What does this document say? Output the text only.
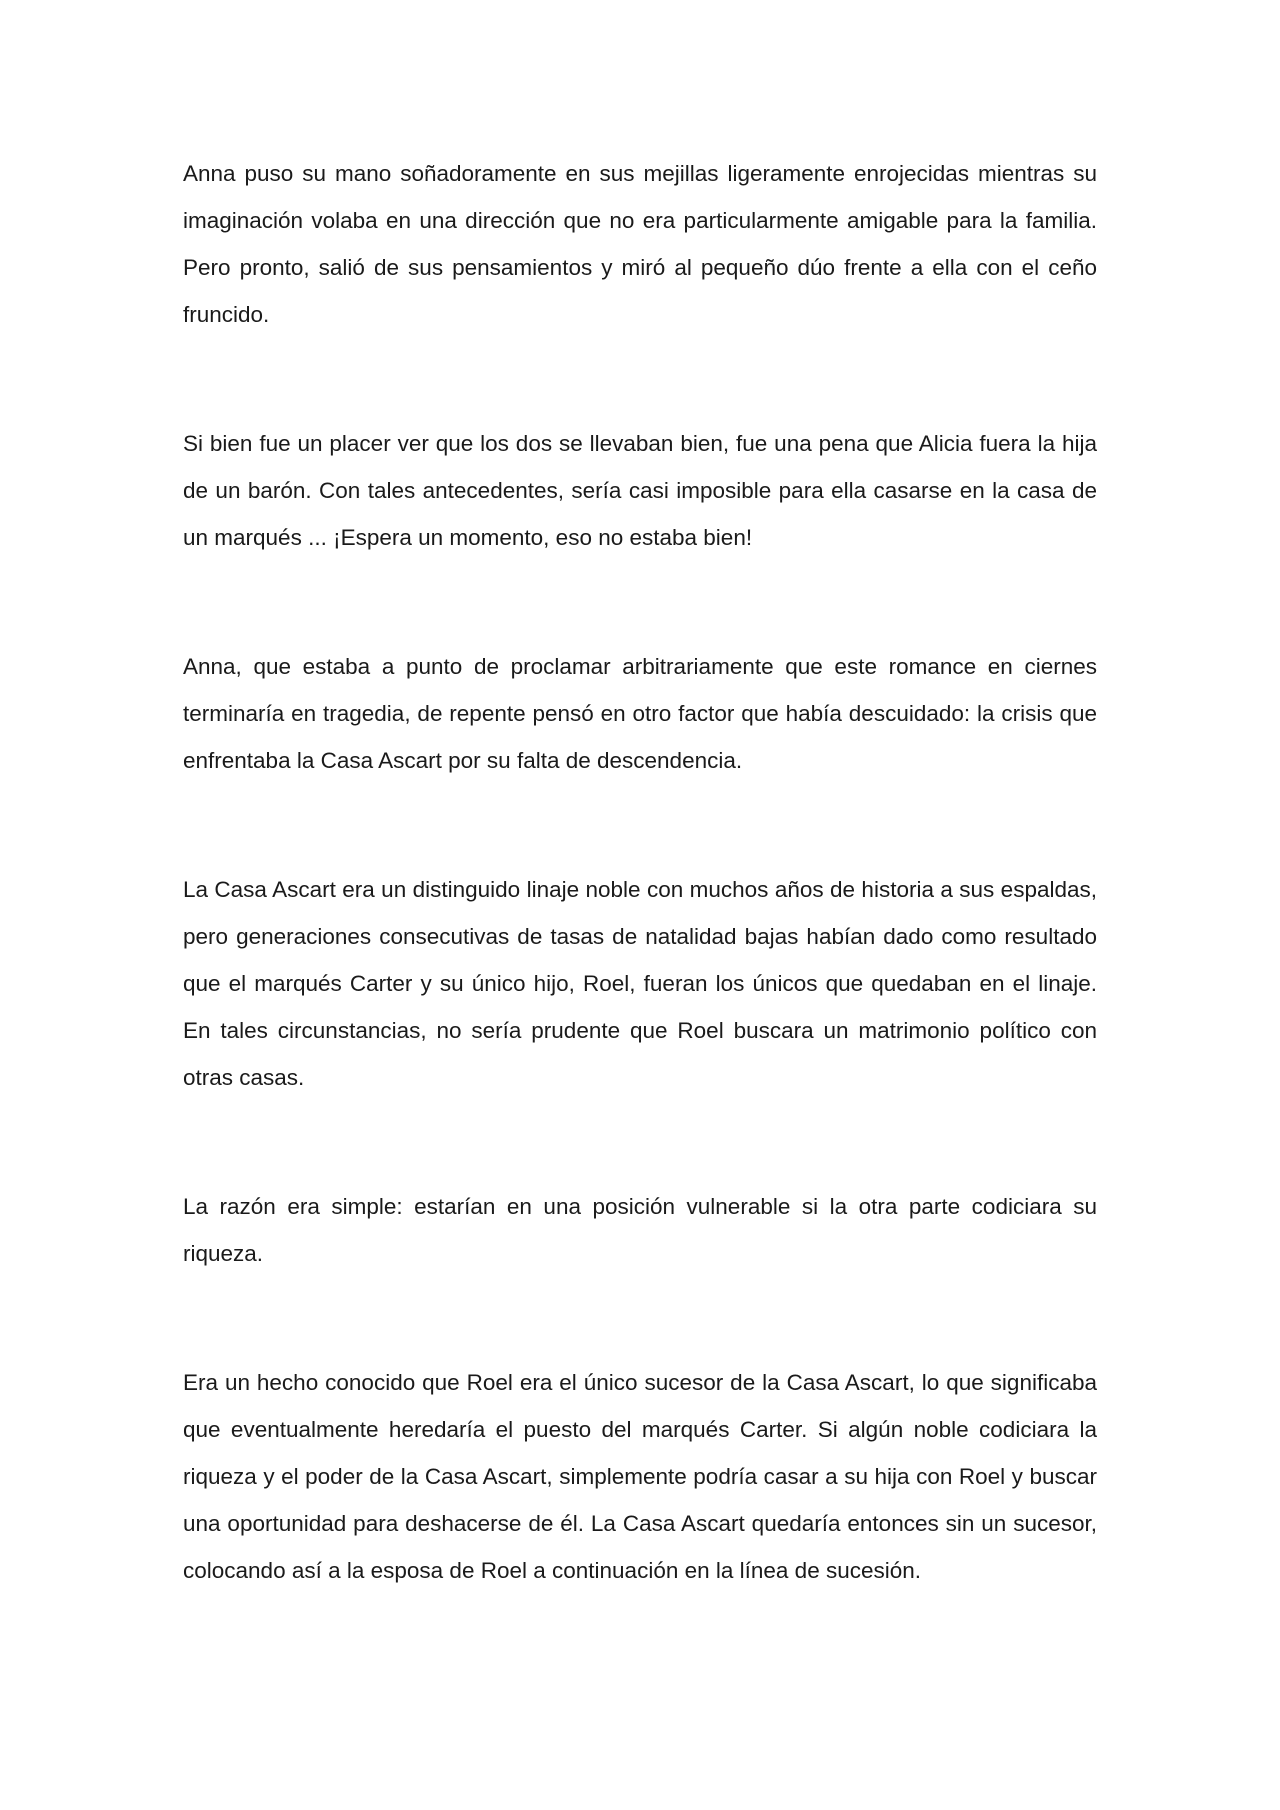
Anna puso su mano soñadoramente en sus mejillas ligeramente enrojecidas mientras su imaginación volaba en una dirección que no era particularmente amigable para la familia. Pero pronto, salió de sus pensamientos y miró al pequeño dúo frente a ella con el ceño fruncido.

Si bien fue un placer ver que los dos se llevaban bien, fue una pena que Alicia fuera la hija de un barón. Con tales antecedentes, sería casi imposible para ella casarse en la casa de un marqués ... ¡Espera un momento, eso no estaba bien!

Anna, que estaba a punto de proclamar arbitrariamente que este romance en ciernes terminaría en tragedia, de repente pensó en otro factor que había descuidado: la crisis que enfrentaba la Casa Ascart por su falta de descendencia.

La Casa Ascart era un distinguido linaje noble con muchos años de historia a sus espaldas, pero generaciones consecutivas de tasas de natalidad bajas habían dado como resultado que el marqués Carter y su único hijo, Roel, fueran los únicos que quedaban en el linaje. En tales circunstancias, no sería prudente que Roel buscara un matrimonio político con otras casas.

La razón era simple: estarían en una posición vulnerable si la otra parte codiciara su riqueza.

Era un hecho conocido que Roel era el único sucesor de la Casa Ascart, lo que significaba que eventualmente heredaría el puesto del marqués Carter. Si algún noble codiciara la riqueza y el poder de la Casa Ascart, simplemente podría casar a su hija con Roel y buscar una oportunidad para deshacerse de él. La Casa Ascart quedaría entonces sin un sucesor, colocando así a la esposa de Roel a continuación en la línea de sucesión.
